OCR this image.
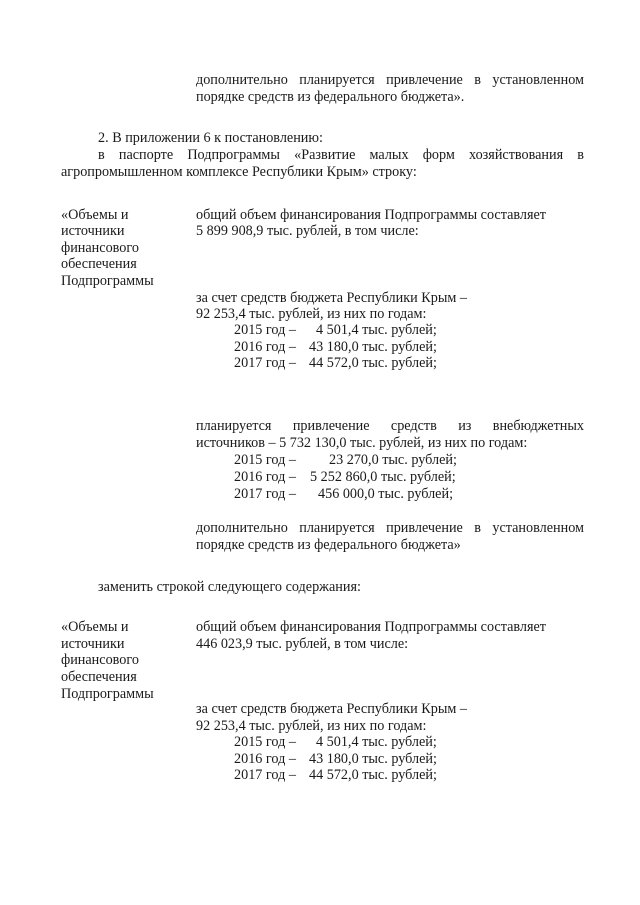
дополнительно планируется привлечение в установленном
порядке средств из федерального бюджета».
2. В приложении 6 к постановлению:
в паспорте Подпрограммы «Развитие малых форм хозяйствования в
агропромышленном комплексе Республики Крым» строку:
«Объемы и
источники
финансового
обеспечения
Подпрограммы
общий объем финансирования Подпрограммы составляет
5 899 908,9 тыс. рублей, в том числе:
за счет средств бюджета Республики Крым –
92 253,4 тыс. рублей, из них по годам:
2015 год – 4 501,4 тыс. рублей;
2016 год – 43 180,0 тыс. рублей;
2017 год – 44 572,0 тыс. рублей;
планируется привлечение средств из внебюджетных
источников – 5 732 130,0 тыс. рублей, из них по годам:
2015 год – 23 270,0 тыс. рублей;
2016 год – 5 252 860,0 тыс. рублей;
2017 год – 456 000,0 тыс. рублей;
дополнительно планируется привлечение в установленном
порядке средств из федерального бюджета»
заменить строкой следующего содержания:
«Объемы и
источники
финансового
обеспечения
Подпрограммы
общий объем финансирования Подпрограммы составляет
446 023,9 тыс. рублей, в том числе:
за счет средств бюджета Республики Крым –
92 253,4 тыс. рублей, из них по годам:
2015 год – 4 501,4 тыс. рублей;
2016 год – 43 180,0 тыс. рублей;
2017 год – 44 572,0 тыс. рублей;
